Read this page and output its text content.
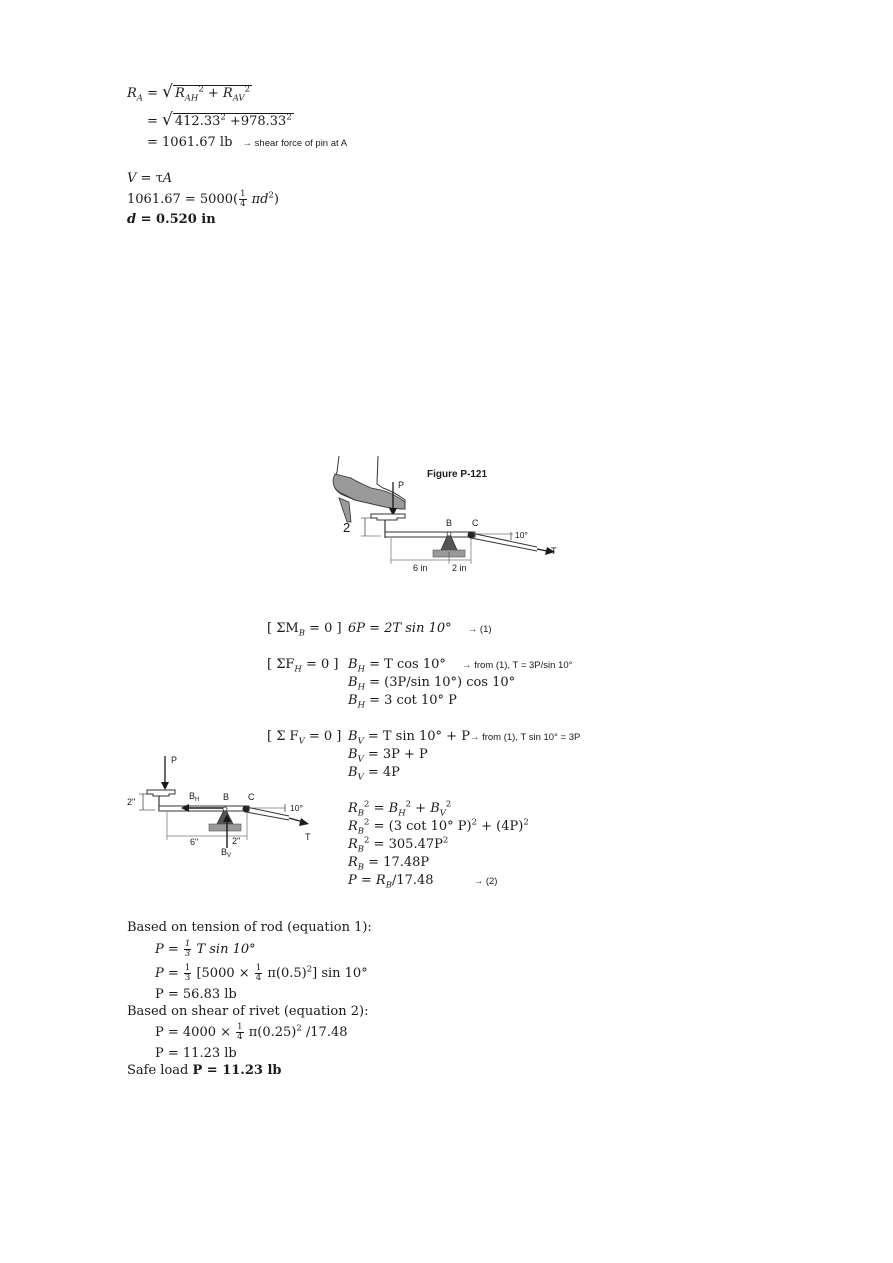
$R_A$ = √ $R_{AH}^2 + R_{AV}^2$
= √ $412.33^2 +978.33^2$
= 1061.67 lb → shear force of pin at A
V = τA
$1061.67 = 5000( \frac{1}{4} \pi d^2)$
d = 0.520 in
P
2	B C
T
10°
6 in	2 in
Figure P-121
[ $\Sigma M_B = 0$ ] 6P = 2T sin 10° → (1)
[ $\Sigma F_H = 0$ ] $B_H = T$ cos 10° → from (1), T = 3P/sin 10°
$B_H = (3P/\sin$ 10°) cos 10°
$B_H = 3$ cot 10° P
[ Σ $F_V = 0$ ] $B_V = T$ sin 10° + P→ from (1), T sin 10° = 3P
$B_V = 3P + P$
$B_V = 4P$
$R_B^2 = B_H^2 + B_V^2$
$R_B^2 = (3$ cot 10° $P)^2 + (4P)^2$
$R_B^2 = 305.47P^2$
$R_B = 17.48P$
$P = R_B/17.48$	→ (2)
P
2"
$B_H$	B
$B_V$
C
T
10°
6"	2"
Based on tension of rod (equation 1):
$P = \frac{1}{3}$ T sin 10°
$P = \frac{1}{3} [5000 \times \frac{1}{4} \pi(0.5)^2]$ sin 10°
P = 56.83 lb
Based on shear of rivet (equation 2):
$P = 4000 \times \frac{1}{4} \pi(0.25)^2$ /17.48
P = 11.23 lb
Safe load P = 11.23 lb
